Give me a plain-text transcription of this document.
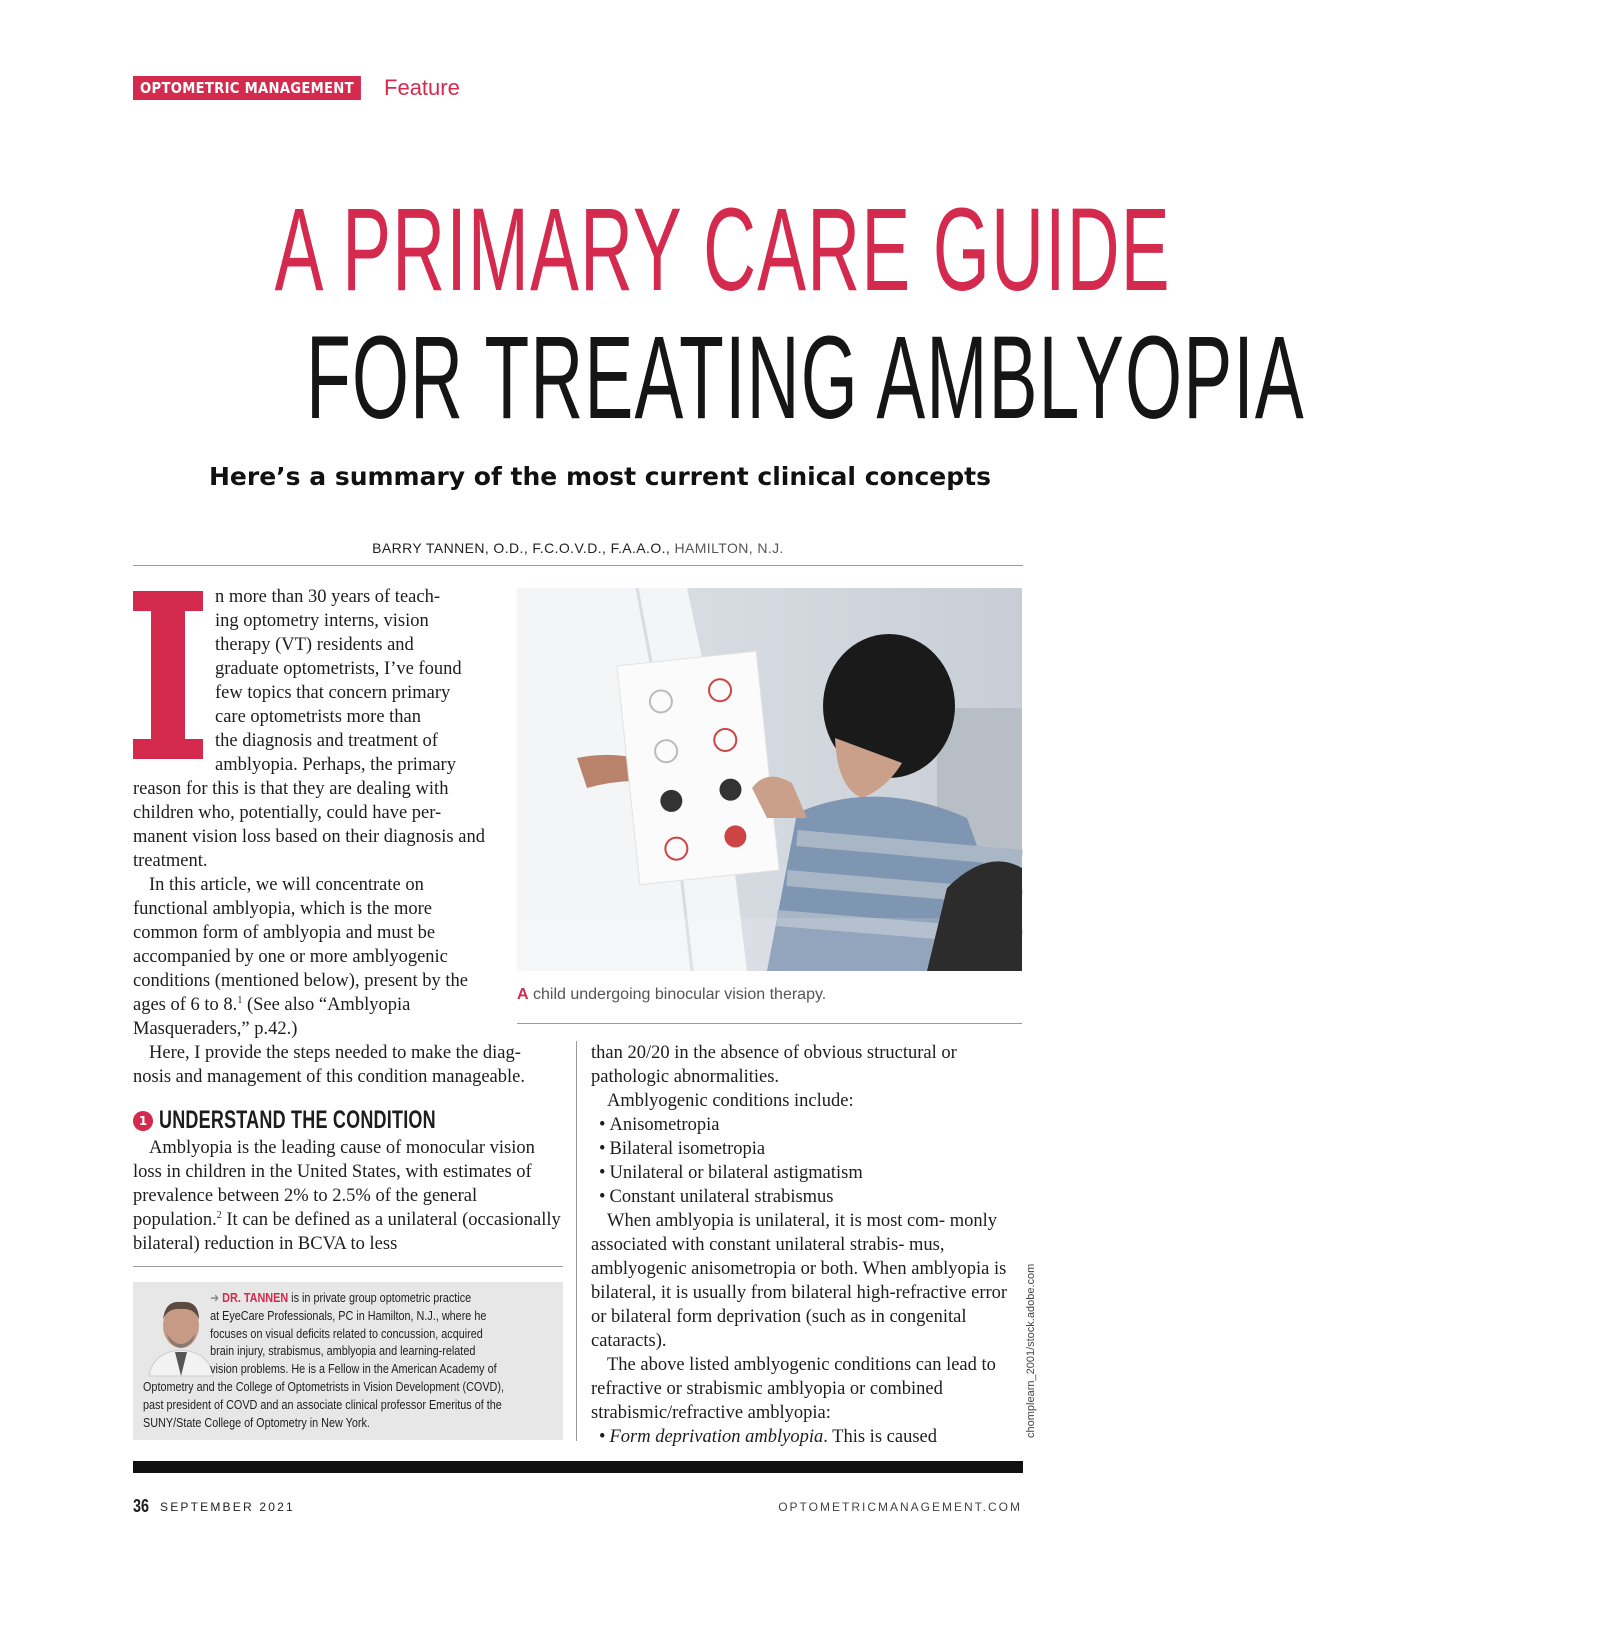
OPTOMETRIC MANAGEMENT	Feature
A PRIMARY CARE GUIDE
FOR TREATING AMBLYOPIA
Here’s a summary of the most current clinical concepts
BARRY TANNEN, O.D., F.C.O.V.D., F.A.A.O., HAMILTON, N.J.

n more than 30 years of teach-

ing optometry interns, vision

therapy (VT) residents and

graduate optometrists, I’ve found

few topics that concern primary

care optometrists more than

the diagnosis and treatment of

amblyopia. Perhaps, the primary

reason for this is that they are dealing with children who, potentially, could have per- manent vision loss based on their diagnosis and treatment.

In this article, we will concentrate on functional amblyopia, which is the more common form of amblyopia and must be accompanied by one or more amblyogenic conditions (mentioned below), present by the ages of 6 to 8.$^1$ (See also “Amblyopia Masqueraders,” p.42.)

A child undergoing binocular vision therapy.

Here, I provide the steps needed to make the diag- nosis and management of this condition manageable.

1 UNDERSTAND THE CONDITION

Amblyopia is the leading cause of monocular vision loss in children in the United States, with estimates of prevalence between 2% to 2.5% of the general population.$^2$ It can be defined as a unilateral (occasionally bilateral) reduction in BCVA to less

➜ DR. TANNEN is in private group optometric practice
at EyeCare Professionals, PC in Hamilton, N.J., where he
focuses on visual deficits related to concussion, acquired
brain injury, strabismus, amblyopia and learning-related
vision problems. He is a Fellow in the American Academy of
Optometry and the College of Optometrists in Vision Development (COVD),
past president of COVD and an associate clinical professor Emeritus of the
SUNY/State College of Optometry in New York.

than 20/20 in the absence of obvious structural or pathologic abnormalities.

Amblyogenic conditions include:

• Anisometropia

• Bilateral isometropia

• Unilateral or bilateral astigmatism

• Constant unilateral strabismus

When amblyopia is unilateral, it is most com- monly associated with constant unilateral strabis- mus, amblyogenic anisometropia or both. When amblyopia is bilateral, it is usually from bilateral high-refractive error or bilateral form deprivation (such as in congenital cataracts).

The above listed amblyogenic conditions can lead to refractive or strabismic amblyopia or combined strabismic/refractive amblyopia:

• Form deprivation amblyopia. This is caused	chomplearn_2001/stock.adobe.com
36 SEPTEMBER 2021	OPTOMETRICMANAGEMENT.COM
